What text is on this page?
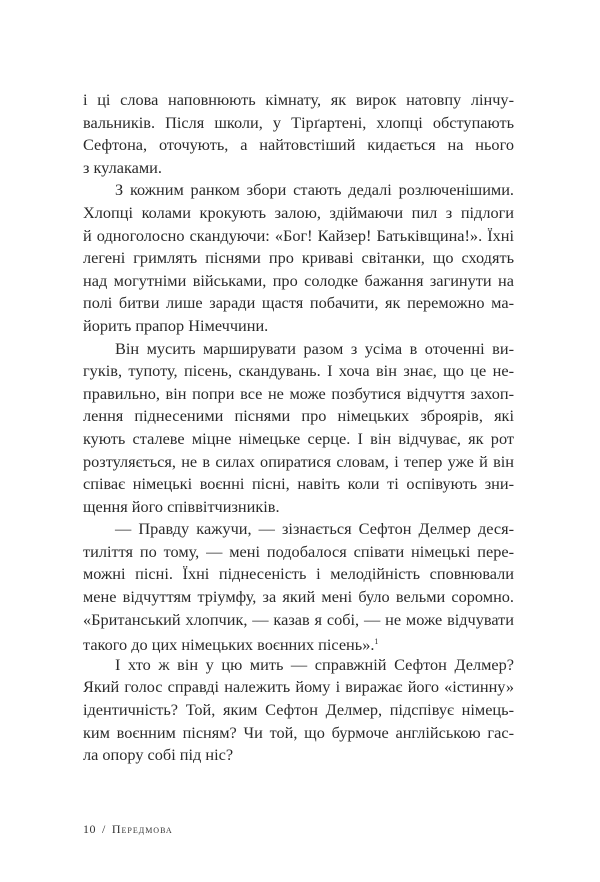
і ці слова наповнюють кімнату, як вирок натовпу лінчу-
вальників. Після школи, у Тірґартені, хлопці обступають
Сефтона, оточують, а найтовстіший кидається на нього
з кулаками.
З кожним ранком збори стають дедалі розлюченішими.
Хлопці колами крокують залою, здіймаючи пил з підлоги
й одноголосно скандуючи: «Бог! Кайзер! Батьківщина!». Їхні
легені гримлять піснями про криваві світанки, що сходять
над могутніми військами, про солодке бажання загинути на
полі битви лише заради щастя побачити, як переможно ма-
йорить прапор Німеччини.
Він мусить марширувати разом з усіма в оточенні ви-
гуків, тупоту, пісень, скандувань. І хоча він знає, що це не-
правильно, він попри все не може позбутися відчуття захоп-
лення піднесеними піснями про німецьких зброярів, які
кують сталеве міцне німецьке серце. І він відчуває, як рот
розтуляється, не в силах опиратися словам, і тепер уже й він
співає німецькі воєнні пісні, навіть коли ті оспівують зни-
щення його співвітчизників.
— Правду кажучи, — зізнається Сефтон Делмер деся-
тиліття по тому, — мені подобалося співати німецькі пере-
можні пісні. Їхні піднесеність і мелодійність сповнювали
мене відчуттям тріумфу, за який мені було вельми соромно.
«Британський хлопчик, — казав я собі, — не може відчувати
такого до цих німецьких воєнних пісень».$^1$
І хто ж він у цю мить — справжній Сефтон Делмер?
Який голос справді належить йому і виражає його «істинну»
ідентичність? Той, яким Сефтон Делмер, підспівує німець-
ким воєнним пісням? Чи той, що бурмоче англійською гас-
ла опору собі під ніс?
10 / Передмова
